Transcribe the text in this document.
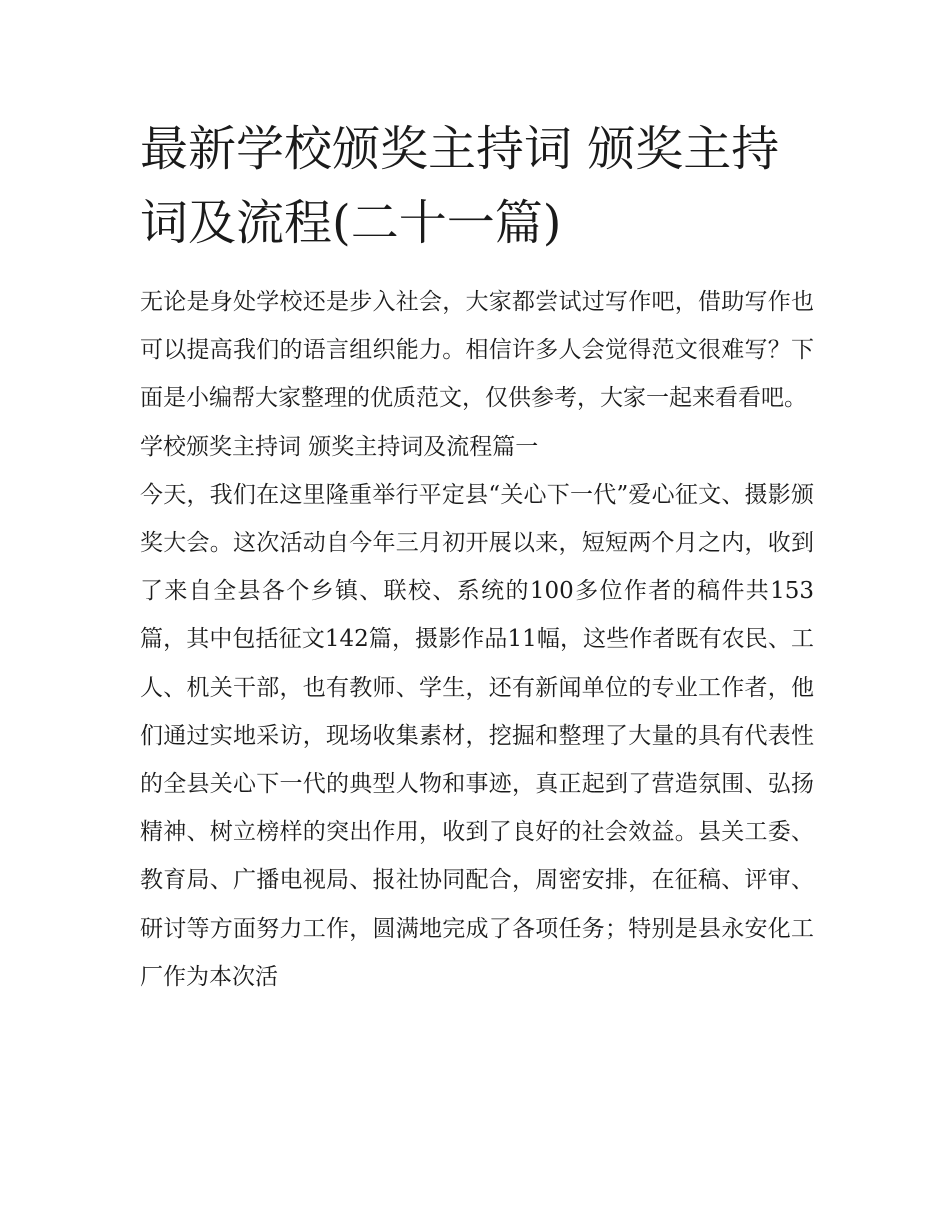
最新学校颁奖主持词 颁奖主持词及流程(二十一篇)

无论是身处学校还是步入社会，大家都尝试过写作吧，借助写作也可以提高我们的语言组织能力。相信许多人会觉得范文很难写？下面是小编帮大家整理的优质范文，仅供参考，大家一起来看看吧。

学校颁奖主持词 颁奖主持词及流程篇一

今天，我们在这里隆重举行平定县“关心下一代”爱心征文、摄影颁奖大会。这次活动自今年三月初开展以来，短短两个月之内，收到了来自全县各个乡镇、联校、系统的100多位作者的稿件共153篇，其中包括征文142篇，摄影作品11幅，这些作者既有农民、工人、机关干部，也有教师、学生，还有新闻单位的专业工作者，他们通过实地采访，现场收集素材，挖掘和整理了大量的具有代表性的全县关心下一代的典型人物和事迹，真正起到了营造氛围、弘扬精神、树立榜样的突出作用，收到了良好的社会效益。县关工委、教育局、广播电视局、报社协同配合，周密安排，在征稿、评审、研讨等方面努力工作，圆满地完成了各项任务；特别是县永安化工厂作为本次活
